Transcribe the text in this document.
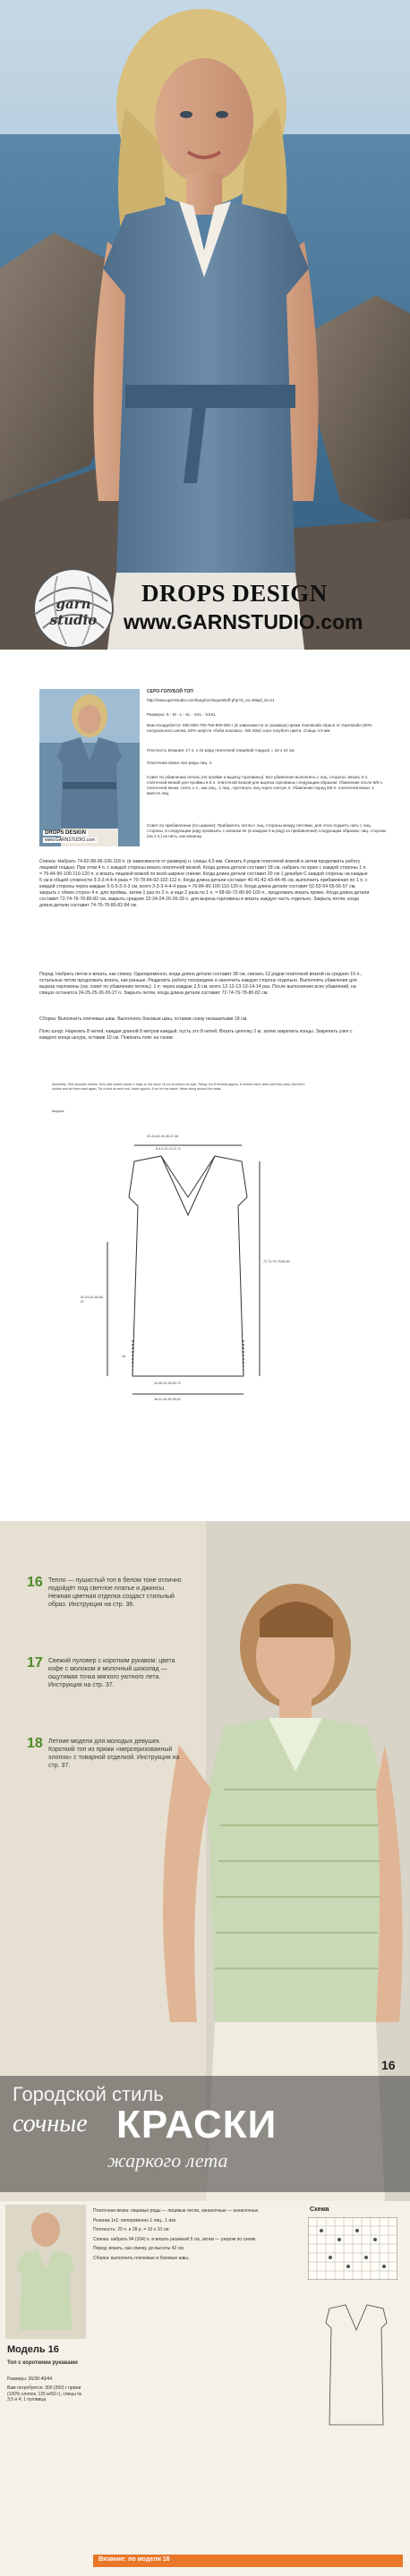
garn studio
DROPS DESIGN
www.GARNSTUDIO.com
DROPS DESIGN
www.GARNSTUDIO.com
СЕРО-ГОЛУБОЙ ТОП
http://www.garnstudio.com/lang/ru/visquestioff.php?d_no=98&d_id=31
Размеры: S - M - L - XL - XXL - XXXL
Вам понадобится: 600-650-700-750-800-850 г (в зависимости от размера) пряжи Garnstudio Alpaca от Garnstudio (50% натурального шелка, 50% шерсти «бэби альпака», 50г 60м) серо-голубого цвета. Спицы 4,5 мм
Плотность вязания: 17 п. х 22 ряда платочной (лицевой гладью) = 10 х 10 см.
Платочная вязка: все ряды лиц. п.
Совет по убавлению петель (по пройме и вырезу горловины): Все убавления выполнять с лиц. стороны: вязать 6 п. платочной вязкой для проймы и 6 п. платочной вязкой для выреза горловины следующим образом: Убавление после 6/8 п. платочной вязки: снять 1 п., как лиц., 1 лиц., протянуть лиц через снятую п. Убавление перед 6/8 п. платочной вязки: 2 вместе лиц.
Совет по прибавлению (по ширине): Прибавлять петли с лиц. стороны между петлями, для этого поднять нить с лиц. стороны, в следующем ряду провязать с изнанки ее (в каждом 2-м ряду из прибавления) следующим образом: лиц. стороны (на 1 п.) из нить, как изнанку.
Спинка: Набрать 74-82-88-96-106-118 п. (в зависимости от размера) н. спицы 4,5 мм. Связать 6 рядов платочной вязкой и затем продолжить работу лицевой гладью. При этом 4 п. с каждой стороны вязать платочной вязкой. Когда длина детали составит 18 см, набрать по краю с каждой стороны 1 п. = 76-84-90-100-110-120 п. и вязать лицевой вязкой по всей ширине спинки. Когда длина детали составит 20 см 1 декабря С каждой стороны на каждые 5 см в общей сложности 3-3-3-4-4-4 раза = 70-78-84-92-102-112 п. Когда длина детали составит 40-41-42-43-44-45 см, выполнить прибавления по 1 п. с каждой стороны через каждые 5-5-5-3-3-3 см, всего 3-3-3-4-4-4 раза = 76-84-90-100-110-120 п. Когда длина детали составит 52-53-54-55-56-57 см, закрыть с обеих сторон 4 п. для проймы, затем 1 раз по 2 п. и еще 2 раза по 1 п. = 58-66-72-80-90-100 п., продолжать вязать прямо. Когда длина детали составит 72-74-76-78-80-82 см, закрыть средние 22-24-24-26-26-28 п. для выреза горловины и вязать каждую часть отдельно. Закрыть петли, когда длина детали составит 74-76-78-80-82-84 см.
Перед: Набрать петли и вязать, как спинку. Одновременно, когда длина детали составит 38 см, связать 12 рядов платочной вязкой на средних 16 п., остальные петли продолжать вязать, как раньше. Разделить работу посередине и закончить каждую сторону отдельно. Выполнять убавления для выреза горловины (см. совет по убавлению петель): 1 п. через каждые 2,5 см, всего 12-12-13-13-14-14 раз. После выполнения всех убавлений, на спицах останется 24-25-25-26-26-27 п. Закрыть петли, когда длина детали составит 72-74-76-78-80-82 см.
Сборка: Выполнить плечевые швы. Выполнить боковые швы, оставив снизу незашитыми 18 см.
Пояс-шнур: Нарезать 8 нитей, каждая длиной 8 метров каждый, пусть это 8 нитей. Вязать цепочку 2 м, затем закрепить концы. Закрепить узел с каждого конца шнура, оставив 10 см. Повязать пояс на талии.
Assembly: Sew shoulder seams. Sew side seams inside 1 edge st, but leave 18 cm at bottom for split. String: Cut 8 threads approx. 8 metres each, twist until they twist, fold them double and let them twist again. Tie a knot at each end, leave approx. 8 cm for the tassel. Wear string around the waist.
Шаурма
42-44-44-46-46-47-48
8-9-9-10-10-11 ½
44-48-53-59-64-70
38-42-46-50-55-62
18
72-74-76-78-80-82
52-53-54-55-56-57
16 Тепло — пушистый топ в белом тоне отлично подойдёт под светлое платье и джинсы. Нежная цветная отделка создаст стильный образ. Инструкция на стр. 36.
17 Свежий пуловер с коротким рукавом: цвета кофе с молоком и молочный шоколад — ощутимая точка мягкого уютного лета. Инструкция на стр. 37.
18 Летние модели для молодых девушек. Короткий топ из пряжи «мерсеризованный хлопок» с товарной отделкой. Инструкция на стр. 37.
16
Городской стиль
сочные КРАСКИ
жаркого лета
Модель 16
Топ с короткими рукавами
Размеры: 36/38-40/44
Вам потребуется: 300 (350) г пряжи (100% хлопок, 125 м/50 г), спицы № 3,5 и 4; 1 пуговица.
Платочная вязка: лицевые ряды — лицевые петли, изнаночные — изнаночные.
Резинка 1х1: попеременно 1 лиц., 1 изн.
Плотность: 20 п. и 28 р. = 10 х 10 см.
Спинка: набрать 94 (104) п. и вязать резинкой 5 см, затем — узором по схеме.
Перед: вязать, как спинку, до высоты 42 см.
Сборка: выполнить плечевые и боковые швы.
Схема
Вязание: по модели 16
